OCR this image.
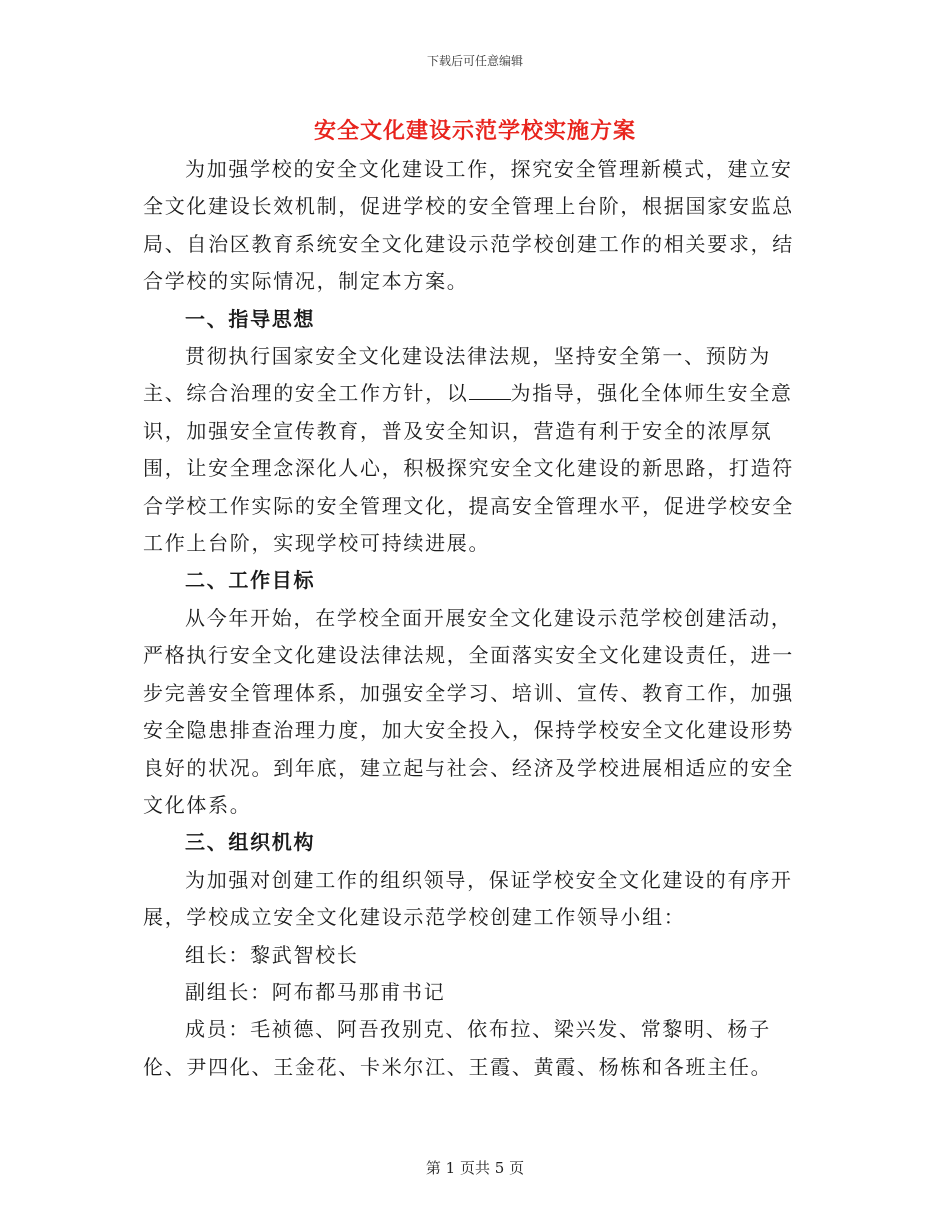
下载后可任意编辑
安全文化建设示范学校实施方案

为加强学校的安全文化建设工作，探究安全管理新模式，建立安全文化建设长效机制，促进学校的安全管理上台阶，根据国家安监总局、自治区教育系统安全文化建设示范学校创建工作的相关要求，结合学校的实际情况，制定本方案。

一、指导思想

贯彻执行国家安全文化建设法律法规，坚持安全第一、预防为主、综合治理的安全工作方针，以 为指导，强化全体师生安全意识，加强安全宣传教育，普及安全知识，营造有利于安全的浓厚氛围，让安全理念深化人心，积极探究安全文化建设的新思路，打造符合学校工作实际的安全管理文化，提高安全管理水平，促进学校安全工作上台阶，实现学校可持续进展。

二、工作目标

从今年开始，在学校全面开展安全文化建设示范学校创建活动，严格执行安全文化建设法律法规，全面落实安全文化建设责任，进一步完善安全管理体系，加强安全学习、培训、宣传、教育工作，加强安全隐患排查治理力度，加大安全投入，保持学校安全文化建设形势良好的状况。到年底，建立起与社会、经济及学校进展相适应的安全文化体系。

三、组织机构

为加强对创建工作的组织领导，保证学校安全文化建设的有序开展，学校成立安全文化建设示范学校创建工作领导小组：

组长：黎武智校长

副组长：阿布都马那甫书记

成员：毛祯德、阿吾孜别克、依布拉、梁兴发、常黎明、杨子伦、尹四化、王金花、卡米尔江、王霞、黄霞、杨栋和各班主任。

第 1 页共 5 页
